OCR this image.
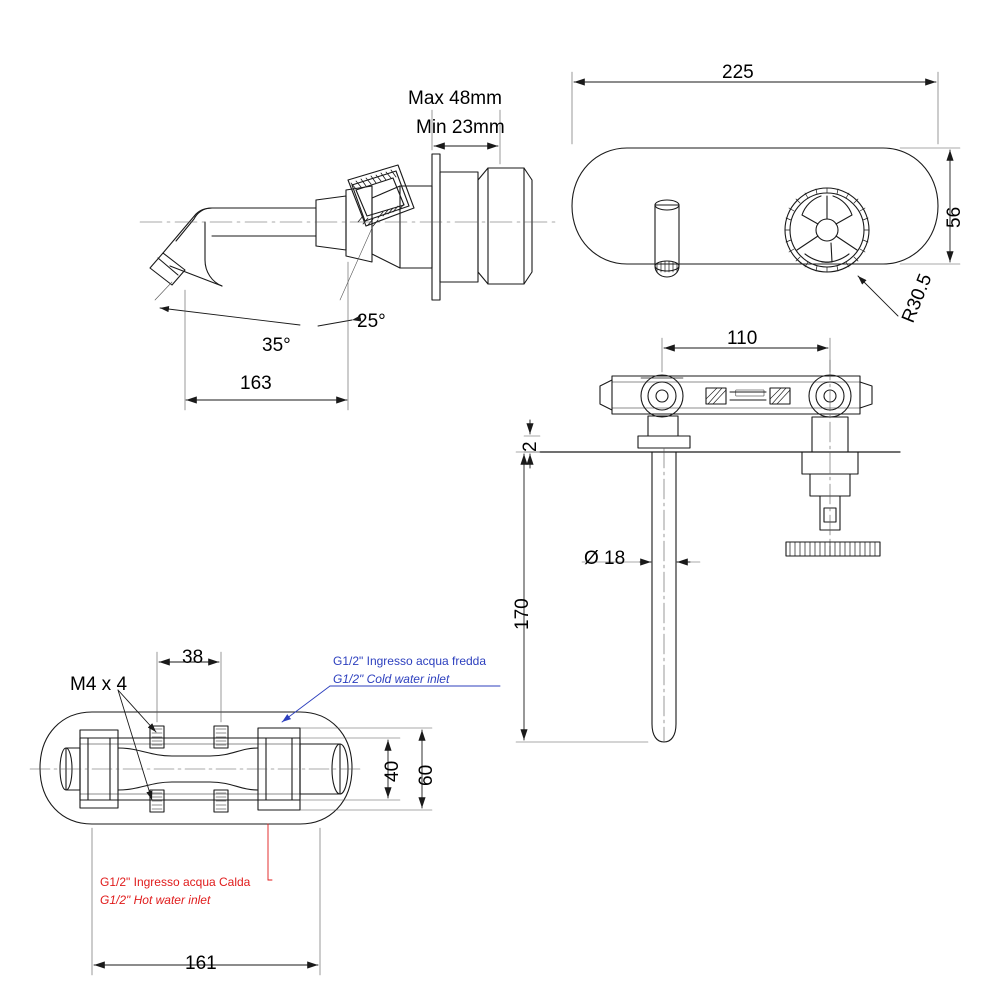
Max 48mm
Min 23mm
163
35°
25°
225
56
R30.5
110
2
170
Ø 18
38
M4 x 4
40 60
161
G1/2" Ingresso acqua fredda
G1/2" Cold water inlet
G1/2" Ingresso acqua Calda
G1/2" Hot water inlet
